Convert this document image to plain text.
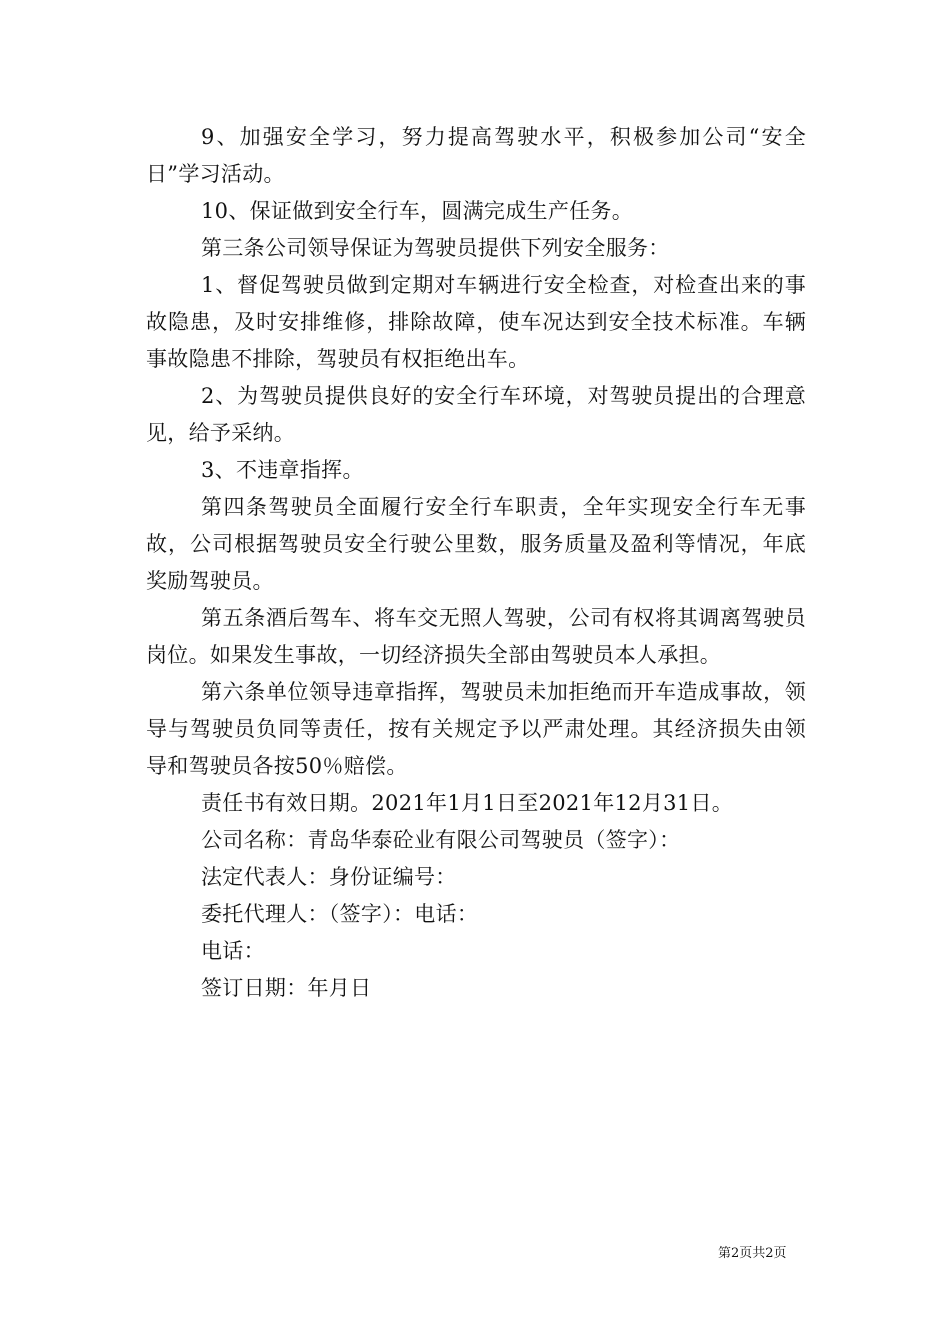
9、加强安全学习，努力提高驾驶水平，积极参加公司“安全日”学习活动。

10、保证做到安全行车，圆满完成生产任务。

第三条公司领导保证为驾驶员提供下列安全服务：

1、督促驾驶员做到定期对车辆进行安全检查，对检查出来的事故隐患，及时安排维修，排除故障，使车况达到安全技术标准。车辆事故隐患不排除，驾驶员有权拒绝出车。

2、为驾驶员提供良好的安全行车环境，对驾驶员提出的合理意见，给予采纳。

3、不违章指挥。

第四条驾驶员全面履行安全行车职责，全年实现安全行车无事故，公司根据驾驶员安全行驶公里数，服务质量及盈利等情况，年底奖励驾驶员。

第五条酒后驾车、将车交无照人驾驶，公司有权将其调离驾驶员岗位。如果发生事故，一切经济损失全部由驾驶员本人承担。

第六条单位领导违章指挥，驾驶员未加拒绝而开车造成事故，领导与驾驶员负同等责任，按有关规定予以严肃处理。其经济损失由领导和驾驶员各按50％赔偿。

责任书有效日期。2021年1月1日至2021年12月31日。

公司名称：青岛华泰砼业有限公司驾驶员（签字）：

法定代表人：身份证编号：

委托代理人：（签字）：电话：

电话：

签订日期：年月日

第2页共2页
